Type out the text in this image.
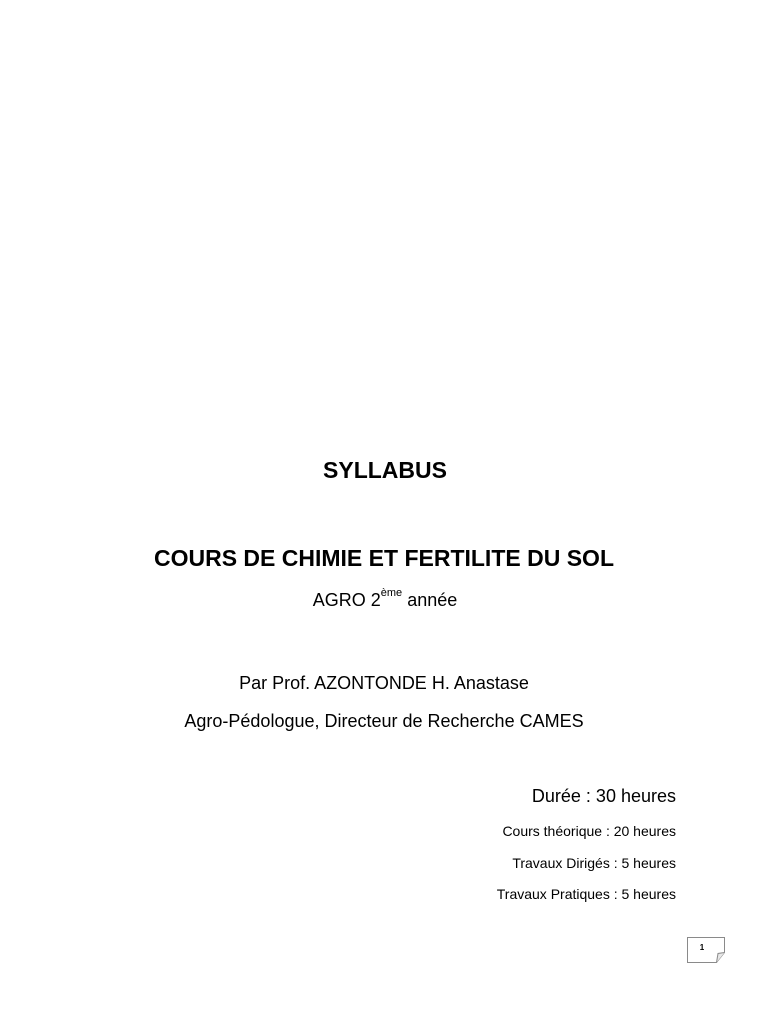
SYLLABUS
COURS DE CHIMIE ET FERTILITE DU SOL
AGRO 2ème année
Par Prof. AZONTONDE H. Anastase
Agro-Pédologue, Directeur de Recherche CAMES
Durée : 30 heures
Cours théorique : 20 heures
Travaux Dirigés : 5 heures
Travaux Pratiques : 5 heures
1
